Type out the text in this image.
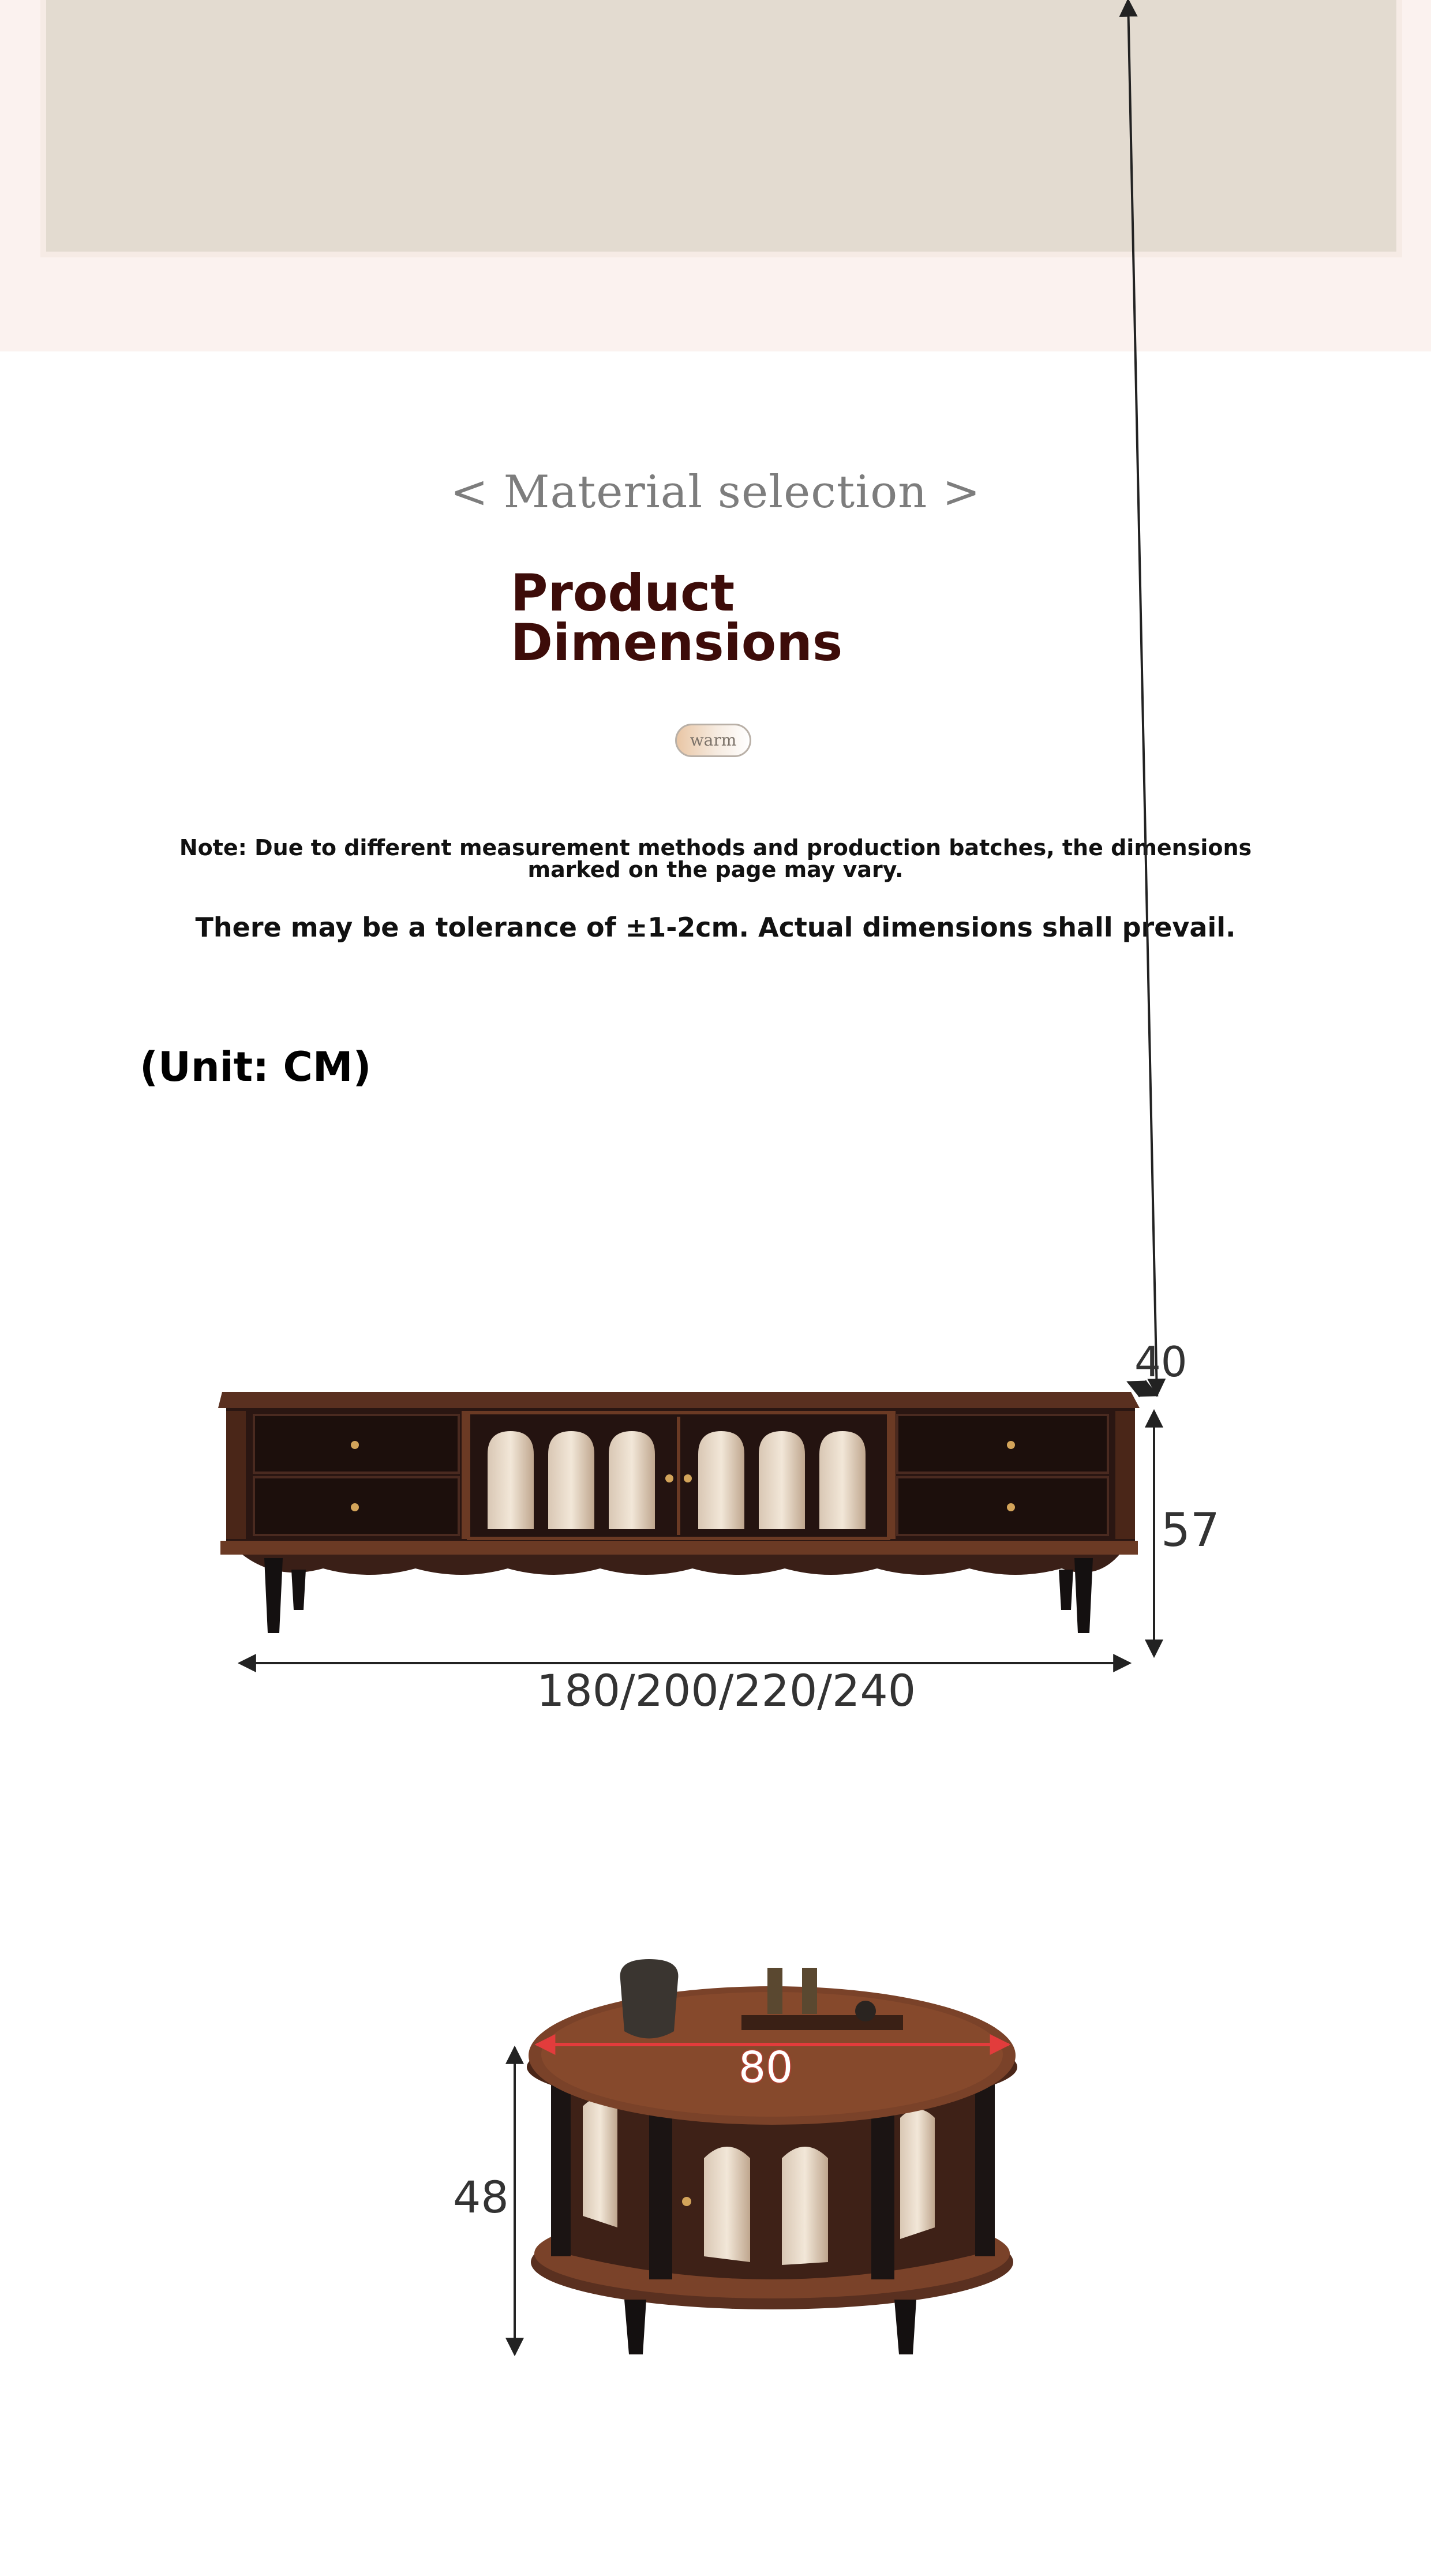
< Material selection >
Product
Dimensions
warm
Note: Due to different measurement methods and production batches, the dimensions marked on the page may vary.
There may be a tolerance of ±1-2cm. Actual dimensions shall prevail.
(Unit: CM)
40
57
180/200/220/240
80
48
